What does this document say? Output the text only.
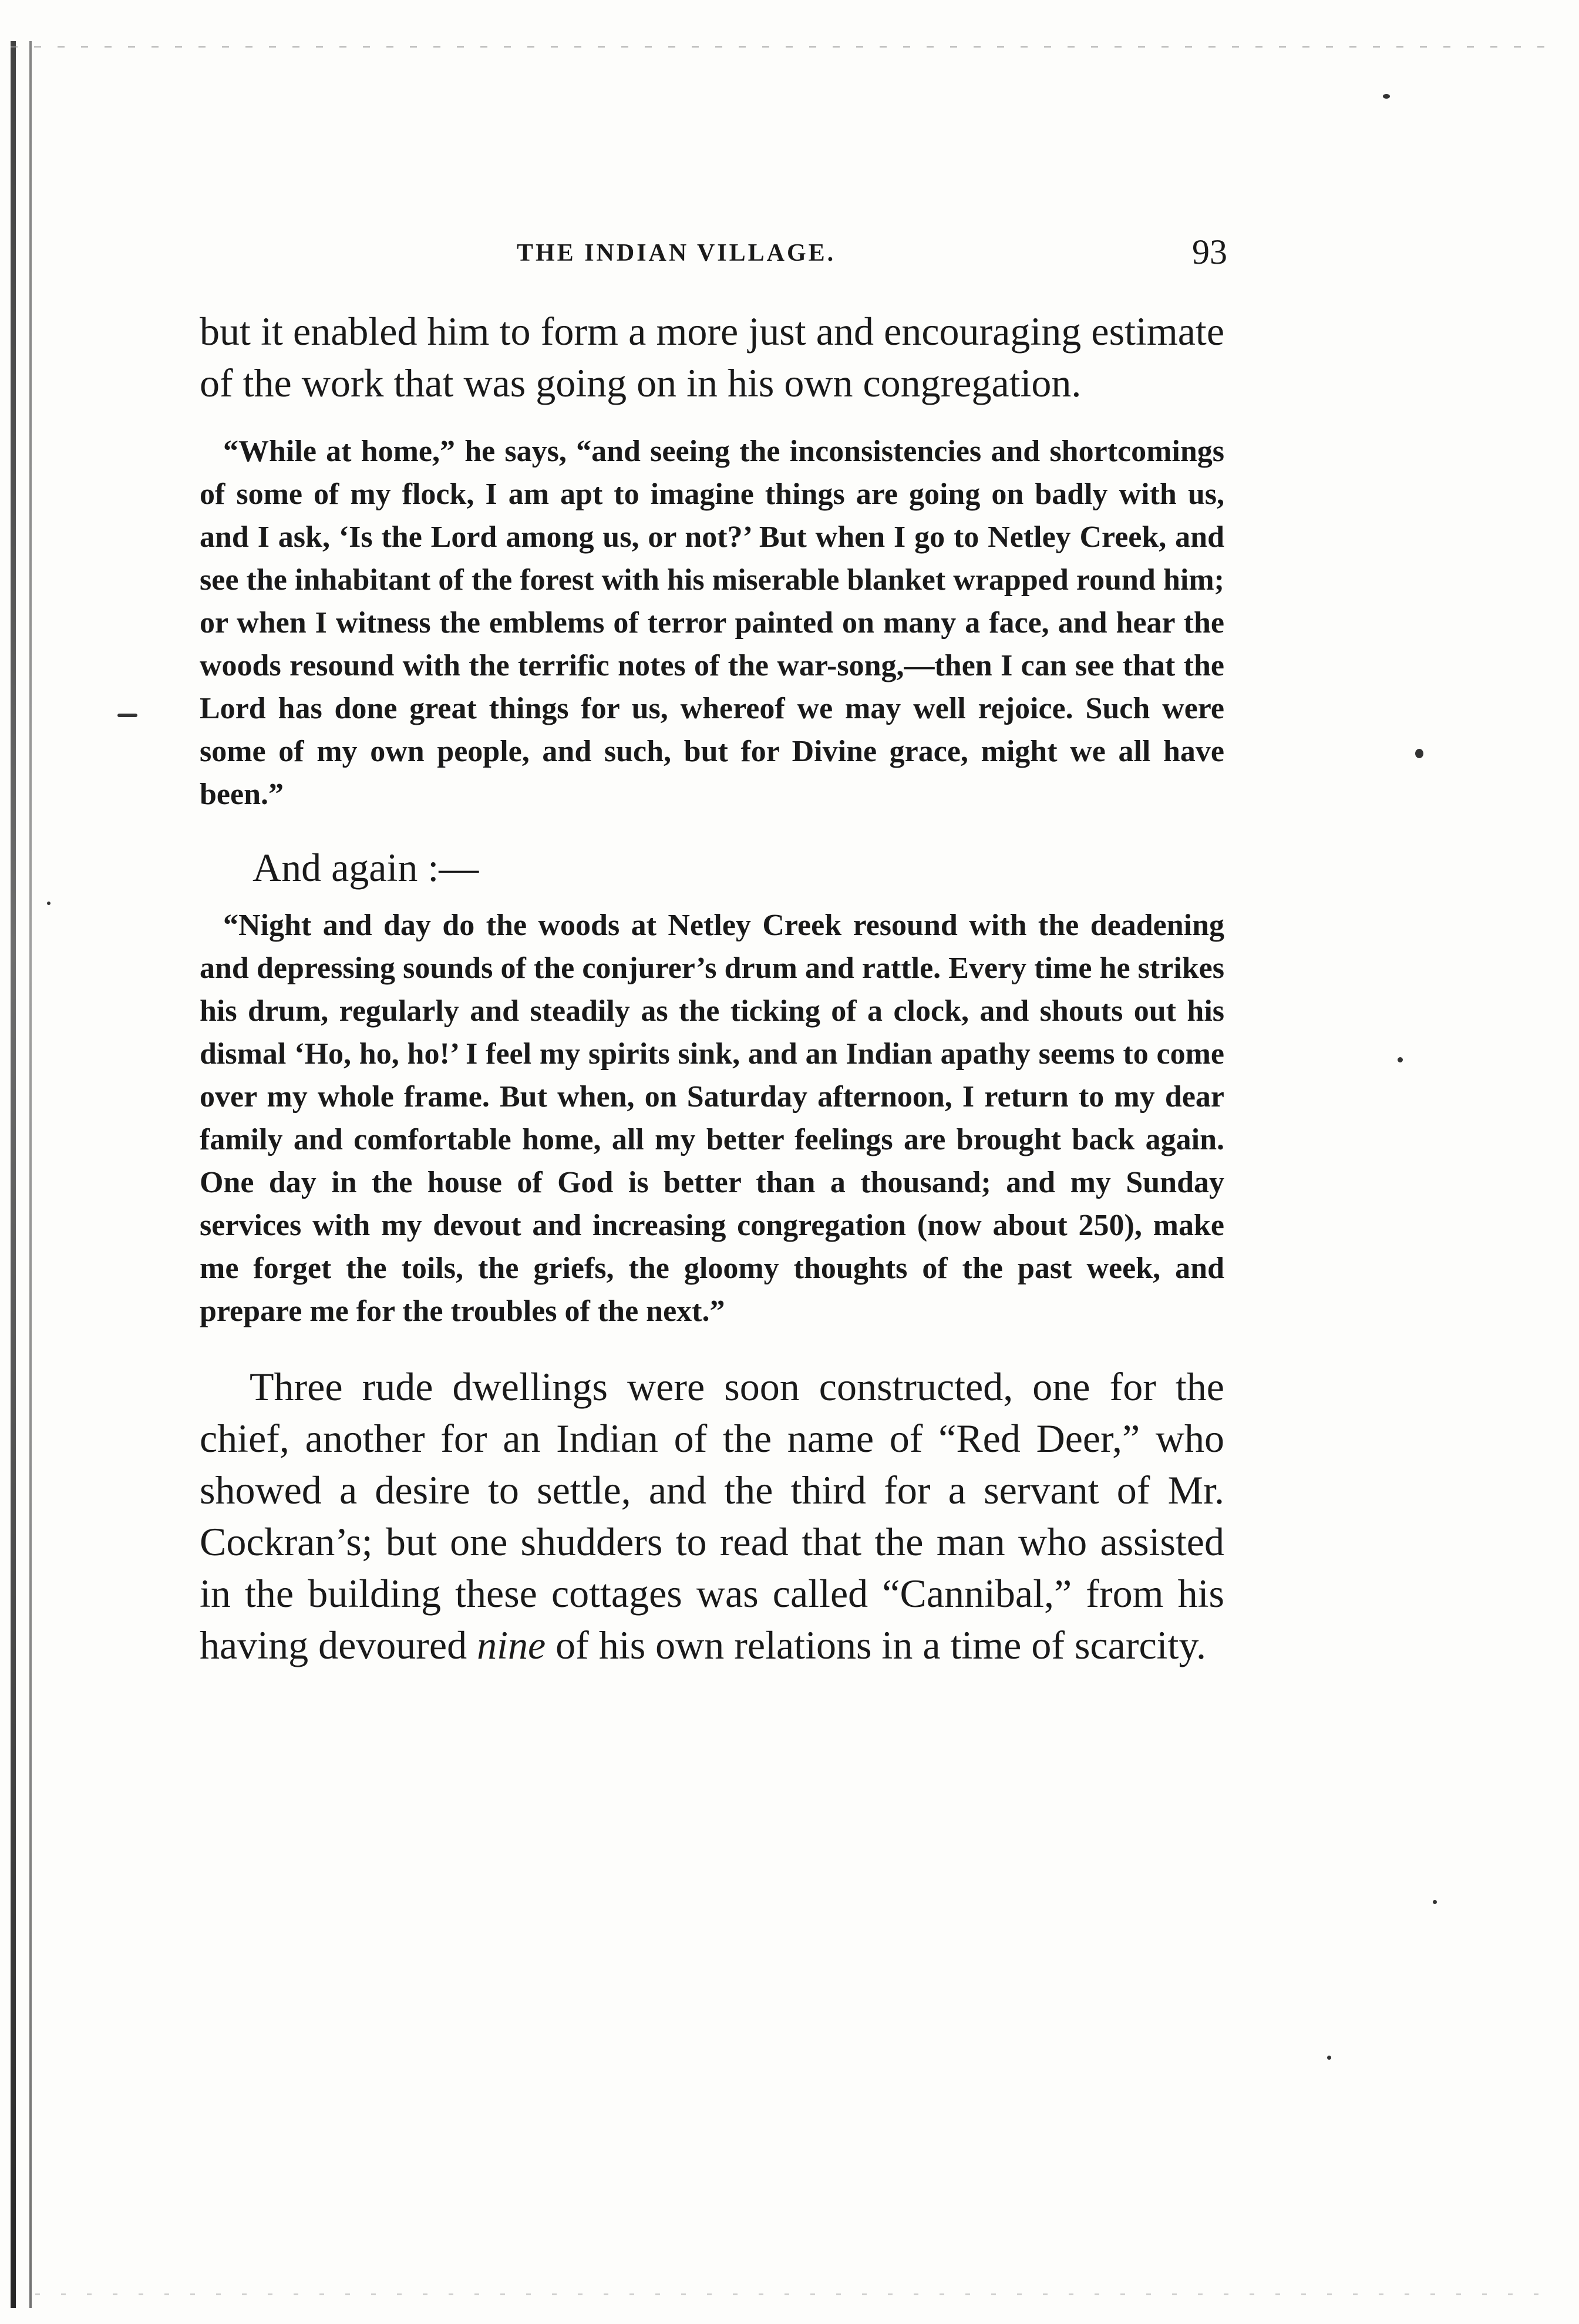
THE INDIAN VILLAGE.	93

but it enabled him to form a more just and encouraging estimate of the work that was going on in his own congregation.

“While at home,” he says, “and seeing the inconsistencies and shortcomings of some of my flock, I am apt to imagine things are going on badly with us, and I ask, ‘Is the Lord among us, or not?’ But when I go to Netley Creek, and see the inhabitant of the forest with his miserable blanket wrapped round him; or when I witness the emblems of terror painted on many a face, and hear the woods resound with the terrific notes of the war-song,—then I can see that the Lord has done great things for us, whereof we may well rejoice. Such were some of my own people, and such, but for Divine grace, might we all have been.”

And again :—

“Night and day do the woods at Netley Creek resound with the deadening and depressing sounds of the conjurer’s drum and rattle. Every time he strikes his drum, regularly and steadily as the ticking of a clock, and shouts out his dismal ‘Ho, ho, ho!’ I feel my spirits sink, and an Indian apathy seems to come over my whole frame. But when, on Saturday afternoon, I return to my dear family and comfortable home, all my better feelings are brought back again. One day in the house of God is better than a thousand; and my Sunday services with my devout and increasing congregation (now about 250), make me forget the toils, the griefs, the gloomy thoughts of the past week, and prepare me for the troubles of the next.”

Three rude dwellings were soon constructed, one for the chief, another for an Indian of the name of “Red Deer,” who showed a desire to settle, and the third for a servant of Mr. Cockran’s; but one shudders to read that the man who assisted in the building these cottages was called “Cannibal,” from his having devoured nine of his own relations in a time of scarcity.
